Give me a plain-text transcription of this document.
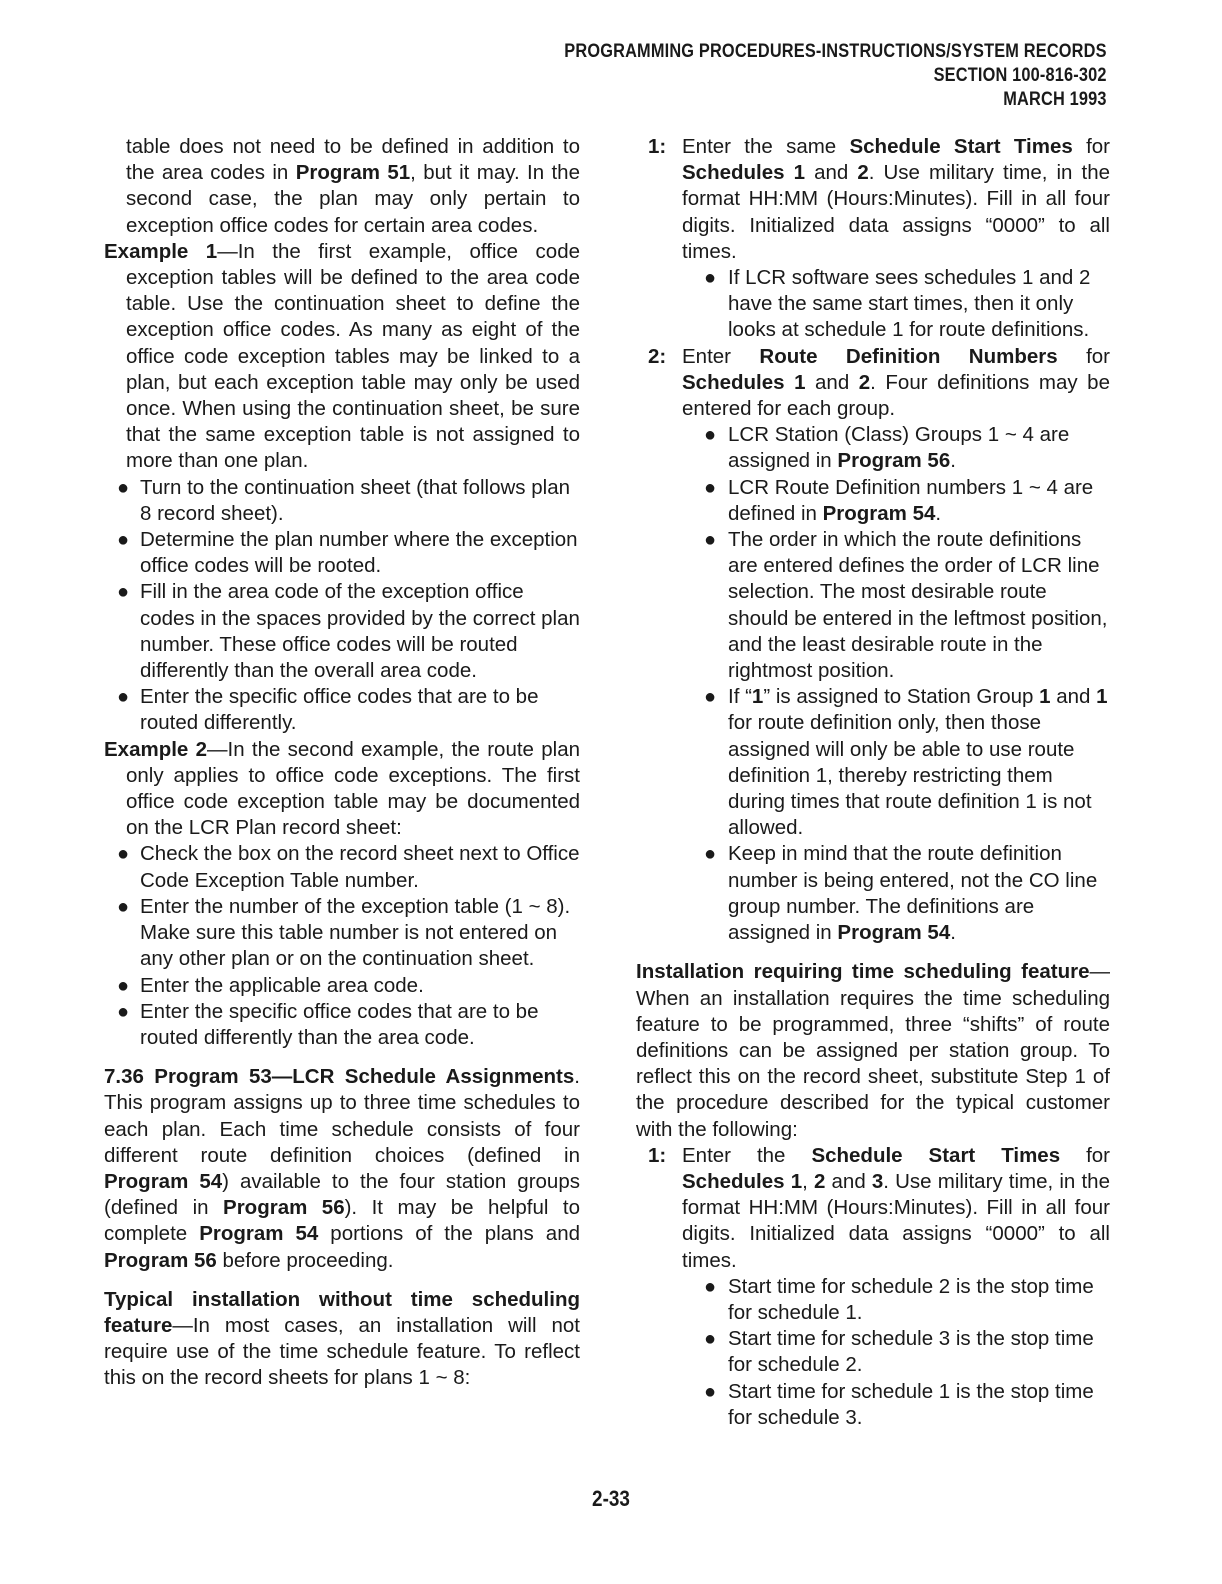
PROGRAMMING PROCEDURES-INSTRUCTIONS/SYSTEM RECORDS
SECTION 100-816-302
MARCH 1993

table does not need to be defined in addition to the area codes in Program 51, but it may. In the second case, the plan may only pertain to exception office codes for certain area codes.

Example 1—In the first example, office code exception tables will be defined to the area code table. Use the continuation sheet to define the exception office codes. As many as eight of the office code exception tables may be linked to a plan, but each exception table may only be used once. When using the continuation sheet, be sure that the same exception table is not assigned to more than one plan.

● Turn to the continuation sheet (that follows plan 8 record sheet).
● Determine the plan number where the exception office codes will be rooted.
● Fill in the area code of the exception office codes in the spaces provided by the correct plan number. These office codes will be routed differently than the overall area code.
● Enter the specific office codes that are to be routed differently.

Example 2—In the second example, the route plan only applies to office code exceptions. The first office code exception table may be documented on the LCR Plan record sheet:

● Check the box on the record sheet next to Office Code Exception Table number.
● Enter the number of the exception table (1 ~ 8). Make sure this table number is not entered on any other plan or on the continuation sheet.
● Enter the applicable area code.
● Enter the specific office codes that are to be routed differently than the area code.

7.36 Program 53—LCR Schedule Assignments. This program assigns up to three time schedules to each plan. Each time schedule consists of four different route definition choices (defined in Program 54) available to the four station groups (defined in Program 56). It may be helpful to complete Program 54 portions of the plans and Program 56 before proceeding.

Typical installation without time scheduling feature—In most cases, an installation will not require use of the time schedule feature. To reflect this on the record sheets for plans 1 ~ 8:

1: Enter the same Schedule Start Times for Schedules 1 and 2. Use military time, in the format HH:MM (Hours:Minutes). Fill in all four digits. Initialized data assigns “0000” to all times.
● If LCR software sees schedules 1 and 2 have the same start times, then it only looks at schedule 1 for route definitions.
2: Enter Route Definition Numbers for Schedules 1 and 2. Four definitions may be entered for each group.
● LCR Station (Class) Groups 1 ~ 4 are assigned in Program 56.
● LCR Route Definition numbers 1 ~ 4 are defined in Program 54.
● The order in which the route definitions are entered defines the order of LCR line selection. The most desirable route should be entered in the leftmost position, and the least desirable route in the rightmost position.
● If “1” is assigned to Station Group 1 and 1 for route definition only, then those assigned will only be able to use route definition 1, thereby restricting them during times that route definition 1 is not allowed.
● Keep in mind that the route definition number is being entered, not the CO line group number. The definitions are assigned in Program 54.

Installation requiring time scheduling feature—When an installation requires the time scheduling feature to be programmed, three “shifts” of route definitions can be assigned per station group. To reflect this on the record sheet, substitute Step 1 of the procedure described for the typical customer with the following:

1: Enter the Schedule Start Times for Schedules 1, 2 and 3. Use military time, in the format HH:MM (Hours:Minutes). Fill in all four digits. Initialized data assigns “0000” to all times.
● Start time for schedule 2 is the stop time for schedule 1.
● Start time for schedule 3 is the stop time for schedule 2.
● Start time for schedule 1 is the stop time for schedule 3.
2-33
